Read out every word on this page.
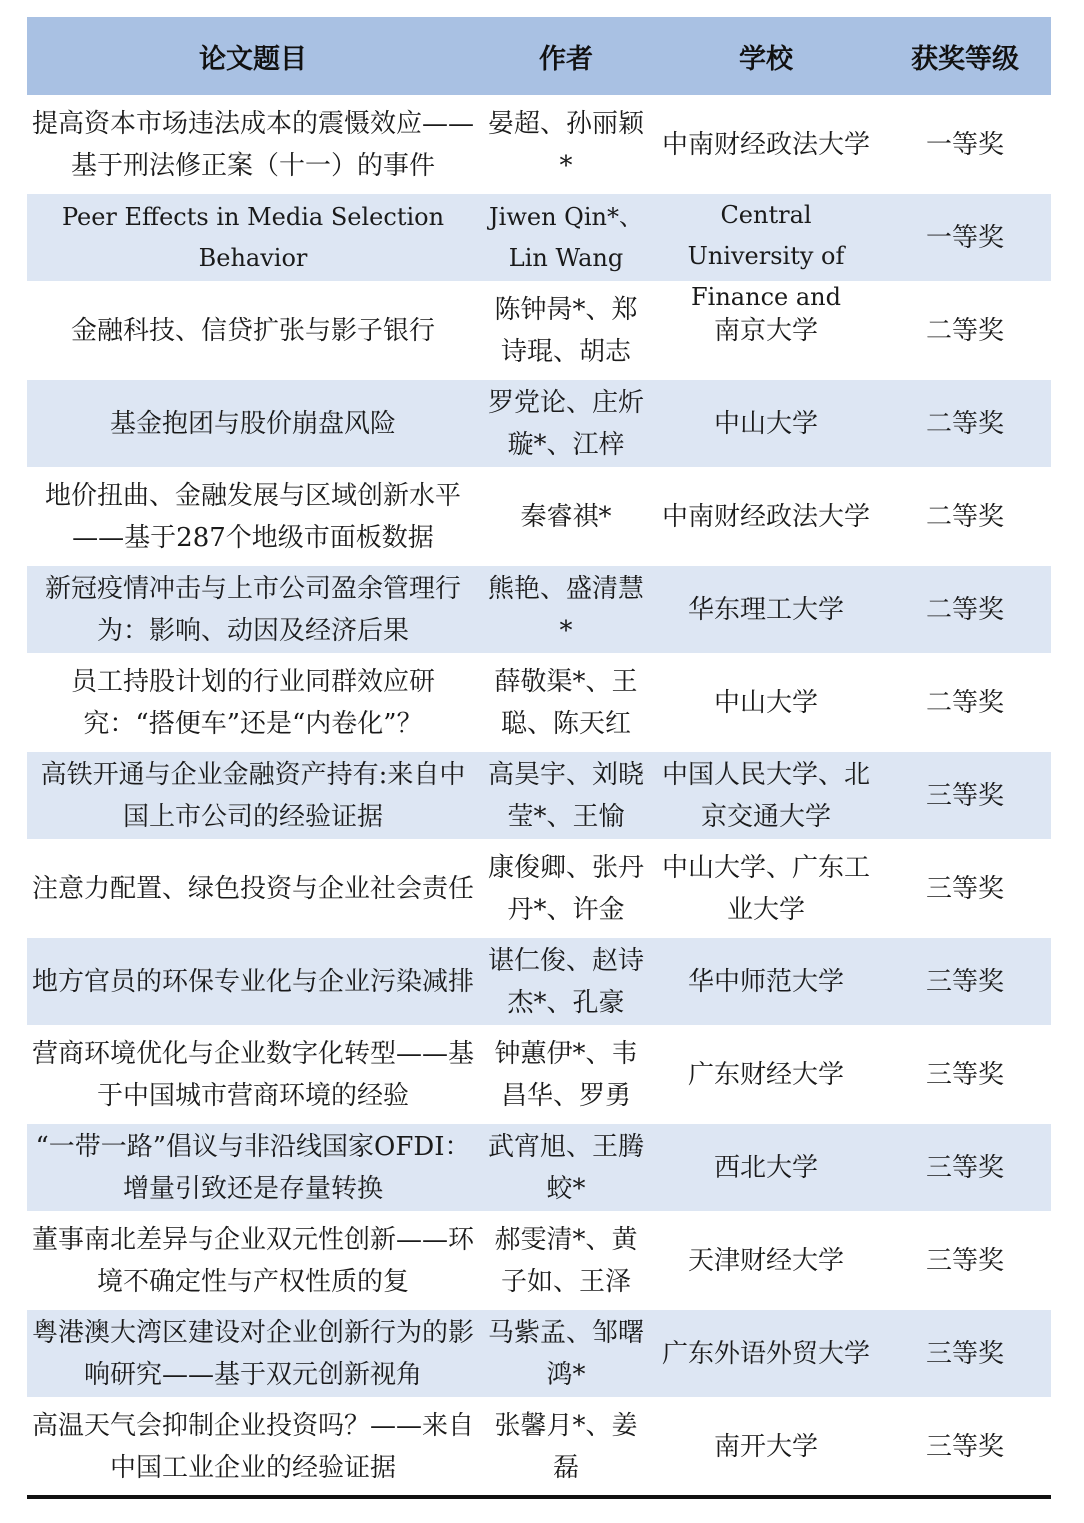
论文题目	作者	学校	获奖等级

提高资本市场违法成本的震慑效应——基于刑法修正案（十一）的事件	晏超、孙丽颖*	中南财经政法大学	一等奖

Peer Effects in Media Selection Behavior	Jiwen Qin*、Lin Wang	Central University of Finance and	一等奖

金融科技、信贷扩张与影子银行	陈钟昺*、郑诗琨、胡志	南京大学	二等奖

基金抱团与股价崩盘风险	罗党论、庄炘璇*、江梓	中山大学	二等奖

地价扭曲、金融发展与区域创新水平——基于287个地级市面板数据	秦睿祺*	中南财经政法大学	二等奖

新冠疫情冲击与上市公司盈余管理行为：影响、动因及经济后果	熊艳、盛清慧*	华东理工大学	二等奖

员工持股计划的行业同群效应研究：“搭便车”还是“内卷化”？	薛敬渠*、王聪、陈天红	中山大学	二等奖

高铁开通与企业金融资产持有:来自中国上市公司的经验证据	高昊宇、刘晓莹*、王愉	中国人民大学、北京交通大学	三等奖

注意力配置、绿色投资与企业社会责任	康俊卿、张丹丹*、许金	中山大学、广东工业大学	三等奖

地方官员的环保专业化与企业污染减排	谌仁俊、赵诗杰*、孔豪	华中师范大学	三等奖

营商环境优化与企业数字化转型——基于中国城市营商环境的经验	钟蕙伊*、韦昌华、罗勇	广东财经大学	三等奖

“一带一路”倡议与非沿线国家OFDI：增量引致还是存量转换	武宵旭、王腾蛟*	西北大学	三等奖

董事南北差异与企业双元性创新——环境不确定性与产权性质的复	郝雯清*、黄子如、王泽	天津财经大学	三等奖

粤港澳大湾区建设对企业创新行为的影响研究——基于双元创新视角	马紫孟、邹曙鸿*	广东外语外贸大学	三等奖

高温天气会抑制企业投资吗？——来自中国工业企业的经验证据	张馨月*、姜磊	南开大学	三等奖
